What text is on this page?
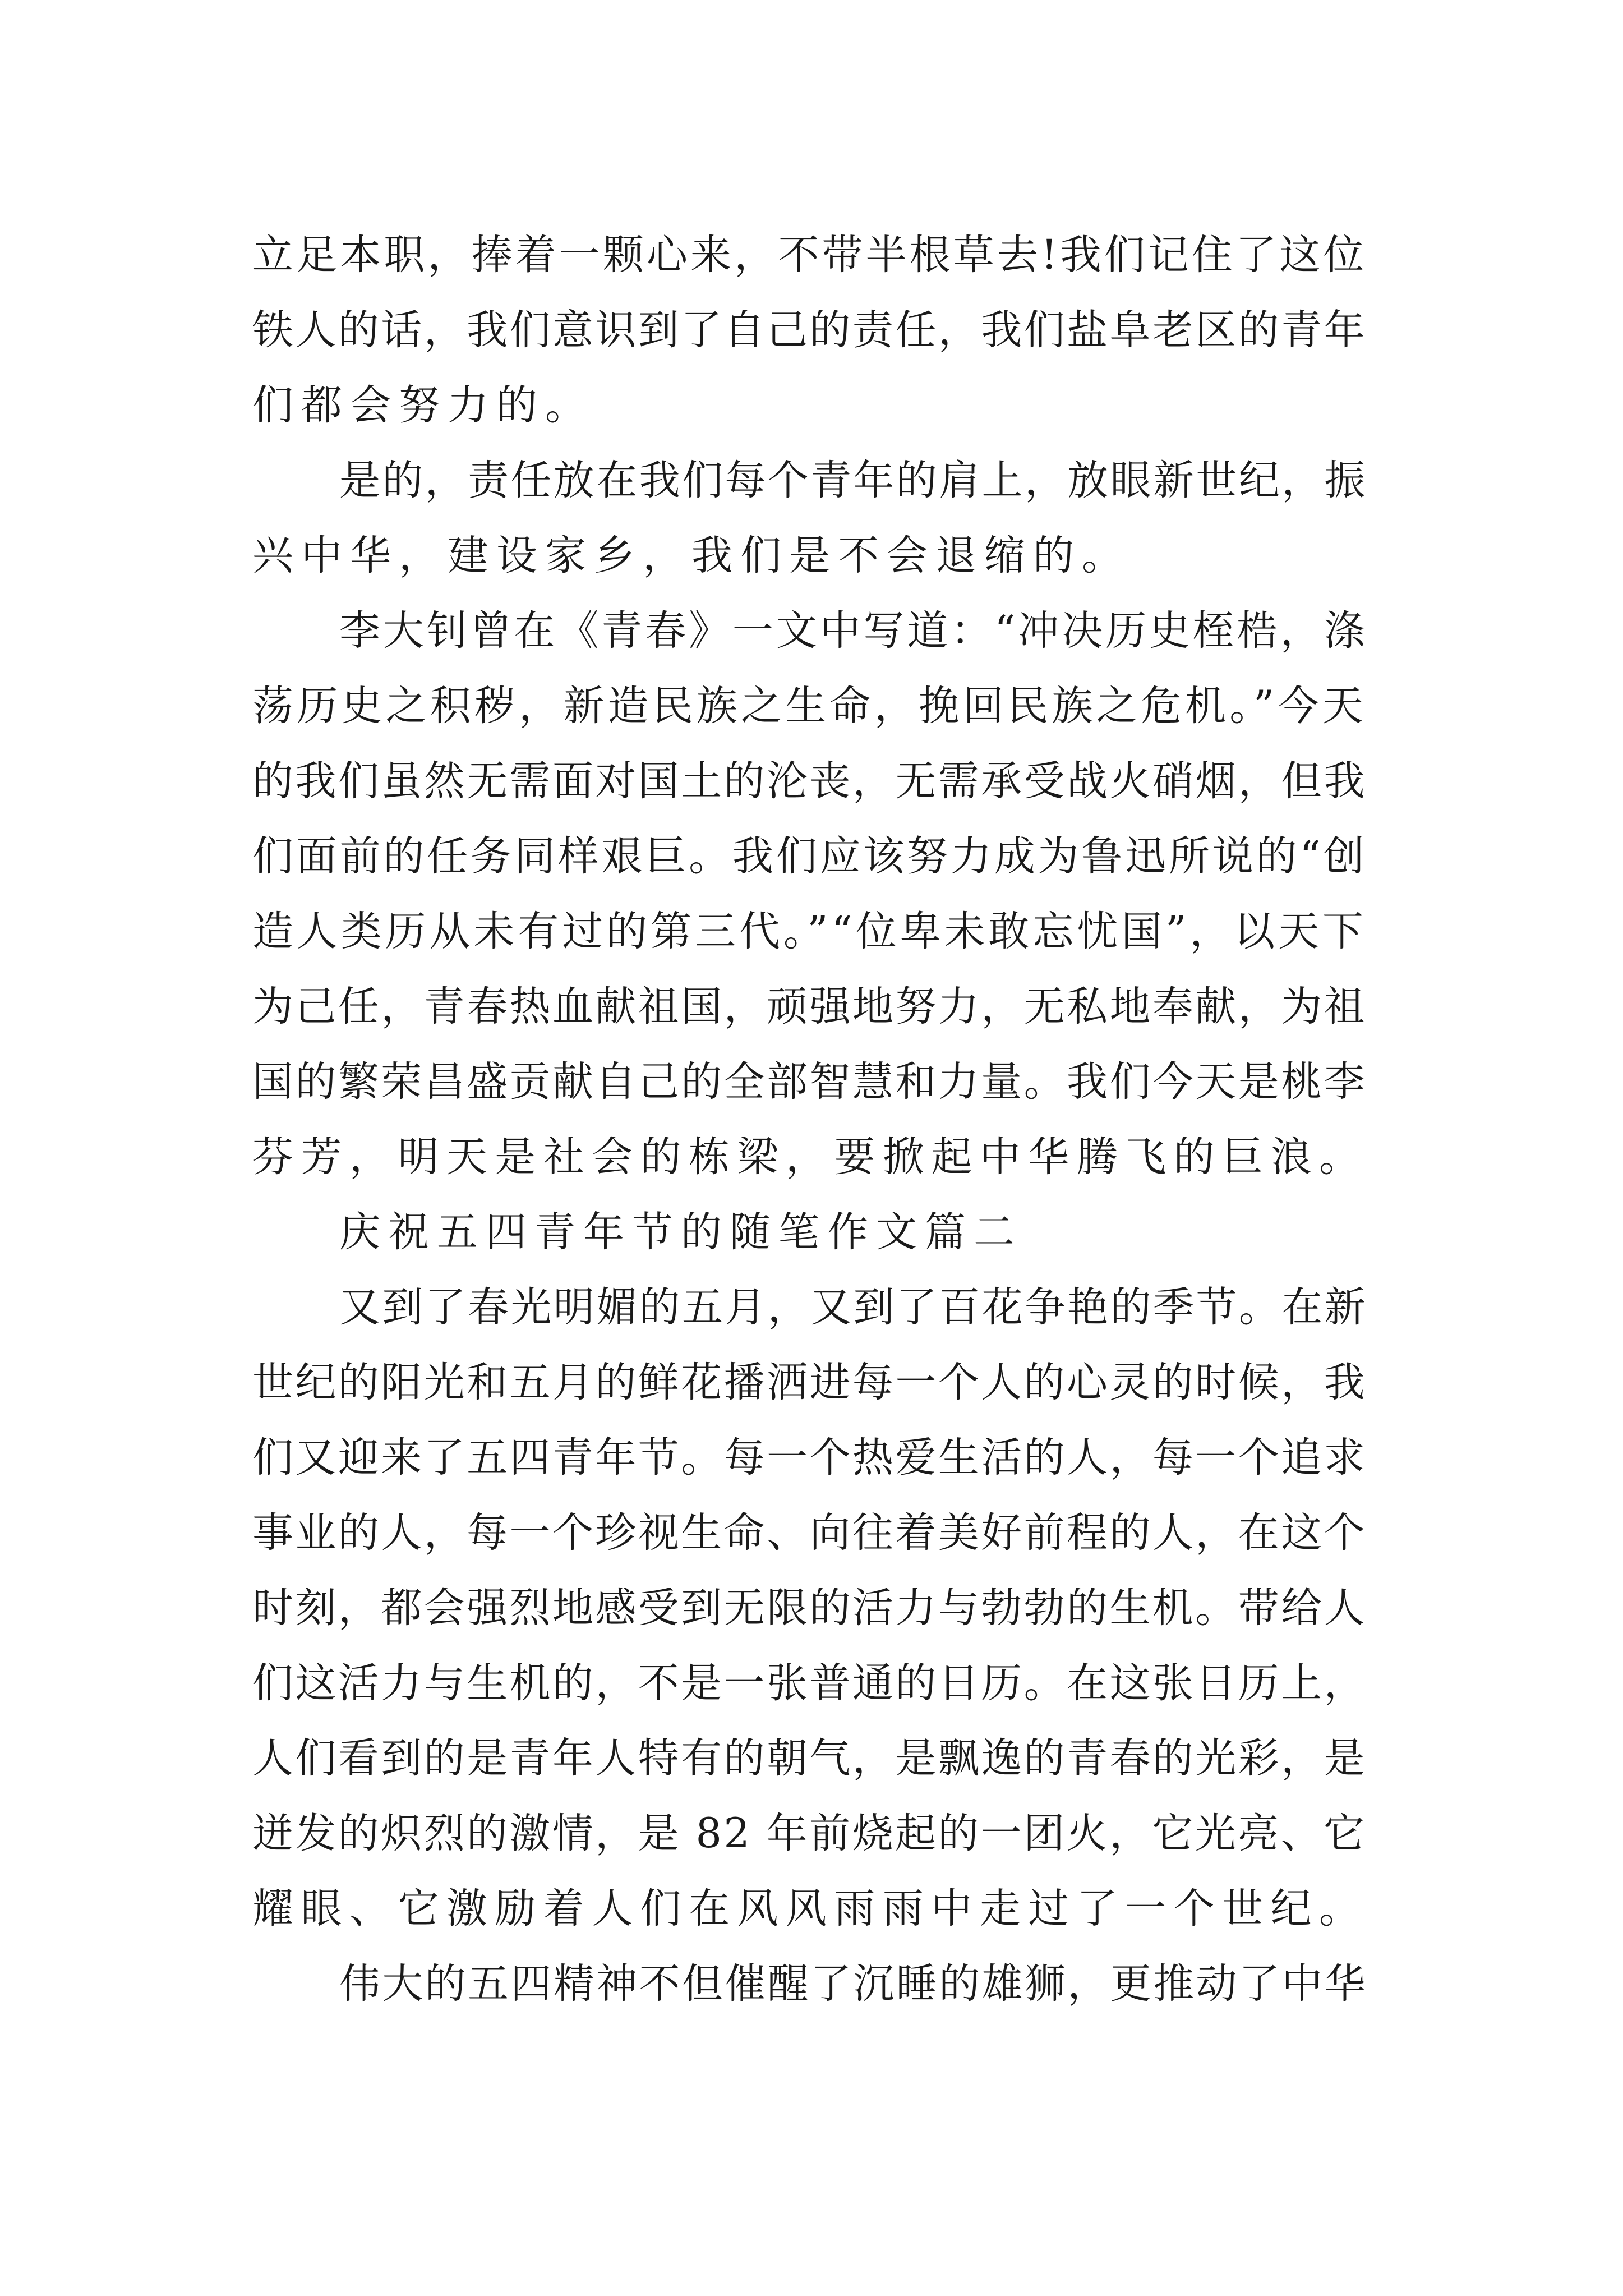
立足本职，捧着一颗心来，不带半根草去!我们记住了这位
铁人的话，我们意识到了自己的责任，我们盐阜老区的青年
们都会努力的。
是的，责任放在我们每个青年的肩上，放眼新世纪，振
兴中华，建设家乡，我们是不会退缩的。
李大钊曾在《青春》一文中写道：“冲决历史桎梏，涤
荡历史之积秽，新造民族之生命，挽回民族之危机。”今天
的我们虽然无需面对国土的沦丧，无需承受战火硝烟，但我
们面前的任务同样艰巨。我们应该努力成为鲁迅所说的“创
造人类历从未有过的第三代。”“位卑未敢忘忧国”，以天下
为己任，青春热血献祖国，顽强地努力，无私地奉献，为祖
国的繁荣昌盛贡献自己的全部智慧和力量。我们今天是桃李
芬芳，明天是社会的栋梁，要掀起中华腾飞的巨浪。
庆祝五四青年节的随笔作文篇二
又到了春光明媚的五月，又到了百花争艳的季节。在新
世纪的阳光和五月的鲜花播洒进每一个人的心灵的时候，我
们又迎来了五四青年节。每一个热爱生活的人，每一个追求
事业的人，每一个珍视生命、向往着美好前程的人，在这个
时刻，都会强烈地感受到无限的活力与勃勃的生机。带给人
们这活力与生机的，不是一张普通的日历。在这张日历上，
人们看到的是青年人特有的朝气，是飘逸的青春的光彩，是
迸发的炽烈的激情，是 82 年前烧起的一团火，它光亮、它
耀眼、它激励着人们在风风雨雨中走过了一个世纪。
伟大的五四精神不但催醒了沉睡的雄狮，更推动了中华
